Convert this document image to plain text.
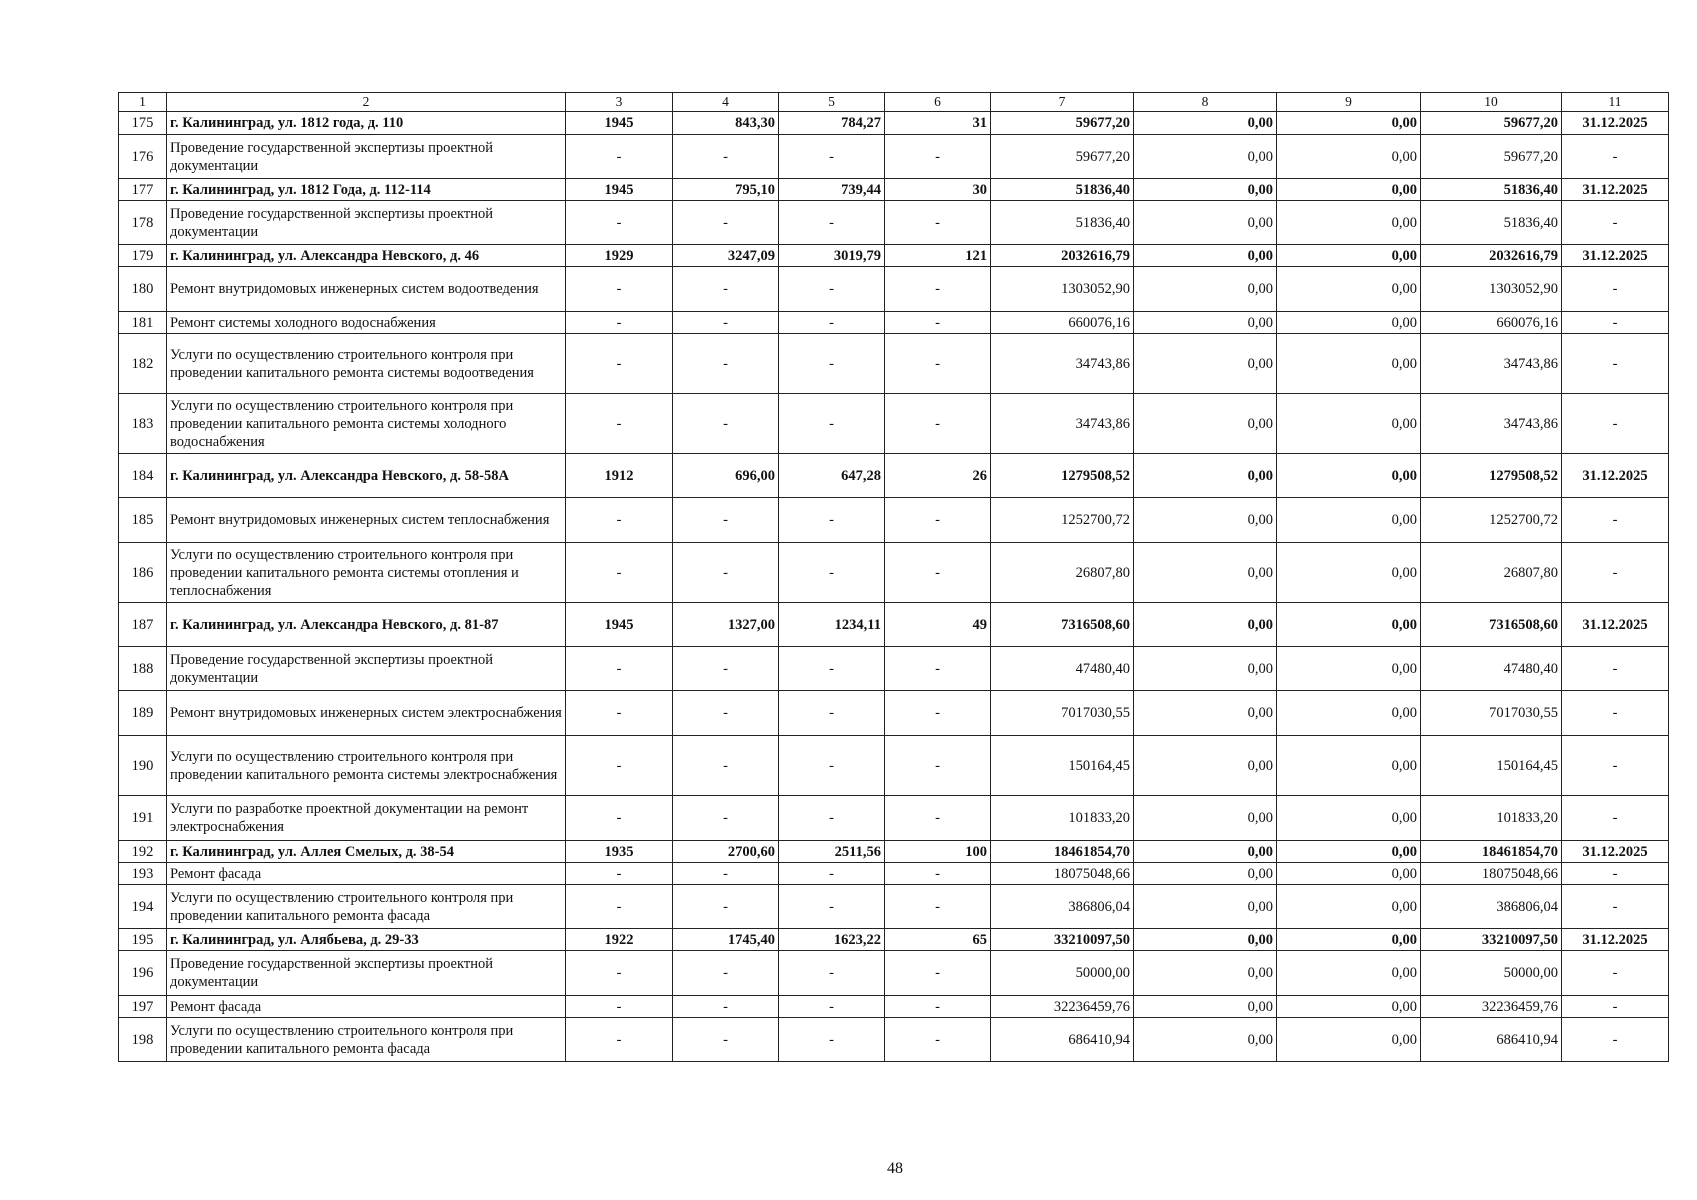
1	2	3	4	5	6	7	8	9	10	11
175	г. Калининград, ул. 1812 года, д. 110	1945	843,30	784,27	31	59677,20	0,00	0,00	59677,20	31.12.2025
176	Проведение государственной экспертизы проектной документации	-	-	-	-	59677,20	0,00	0,00	59677,20	-
177	г. Калининград, ул. 1812 Года, д. 112-114	1945	795,10	739,44	30	51836,40	0,00	0,00	51836,40	31.12.2025
178	Проведение государственной экспертизы проектной документации	-	-	-	-	51836,40	0,00	0,00	51836,40	-
179	г. Калининград, ул. Александра Невского, д. 46	1929	3247,09	3019,79	121	2032616,79	0,00	0,00	2032616,79	31.12.2025
180	Ремонт внутридомовых инженерных систем водоотведения	-	-	-	-	1303052,90	0,00	0,00	1303052,90	-
181	Ремонт системы холодного водоснабжения	-	-	-	-	660076,16	0,00	0,00	660076,16	-
182	Услуги по осуществлению строительного контроля при проведении капитального ремонта системы водоотведения	-	-	-	-	34743,86	0,00	0,00	34743,86	-
183	Услуги по осуществлению строительного контроля при проведении капитального ремонта системы холодного водоснабжения	-	-	-	-	34743,86	0,00	0,00	34743,86	-
184	г. Калининград, ул. Александра Невского, д. 58-58А	1912	696,00	647,28	26	1279508,52	0,00	0,00	1279508,52	31.12.2025
185	Ремонт внутридомовых инженерных систем теплоснабжения	-	-	-	-	1252700,72	0,00	0,00	1252700,72	-
186	Услуги по осуществлению строительного контроля при проведении капитального ремонта системы отопления и теплоснабжения	-	-	-	-	26807,80	0,00	0,00	26807,80	-
187	г. Калининград, ул. Александра Невского, д. 81-87	1945	1327,00	1234,11	49	7316508,60	0,00	0,00	7316508,60	31.12.2025
188	Проведение государственной экспертизы проектной документации	-	-	-	-	47480,40	0,00	0,00	47480,40	-
189	Ремонт внутридомовых инженерных систем электроснабжения	-	-	-	-	7017030,55	0,00	0,00	7017030,55	-
190	Услуги по осуществлению строительного контроля при проведении капитального ремонта системы электроснабжения	-	-	-	-	150164,45	0,00	0,00	150164,45	-
191	Услуги по разработке проектной документации на ремонт электроснабжения	-	-	-	-	101833,20	0,00	0,00	101833,20	-
192	г. Калининград, ул. Аллея Смелых, д. 38-54	1935	2700,60	2511,56	100	18461854,70	0,00	0,00	18461854,70	31.12.2025
193	Ремонт фасада	-	-	-	-	18075048,66	0,00	0,00	18075048,66	-
194	Услуги по осуществлению строительного контроля при проведении капитального ремонта фасада	-	-	-	-	386806,04	0,00	0,00	386806,04	-
195	г. Калининград, ул. Алябьева, д. 29-33	1922	1745,40	1623,22	65	33210097,50	0,00	0,00	33210097,50	31.12.2025
196	Проведение государственной экспертизы проектной документации	-	-	-	-	50000,00	0,00	0,00	50000,00	-
197	Ремонт фасада	-	-	-	-	32236459,76	0,00	0,00	32236459,76	-
198	Услуги по осуществлению строительного контроля при проведении капитального ремонта фасада	-	-	-	-	686410,94	0,00	0,00	686410,94	-
48
